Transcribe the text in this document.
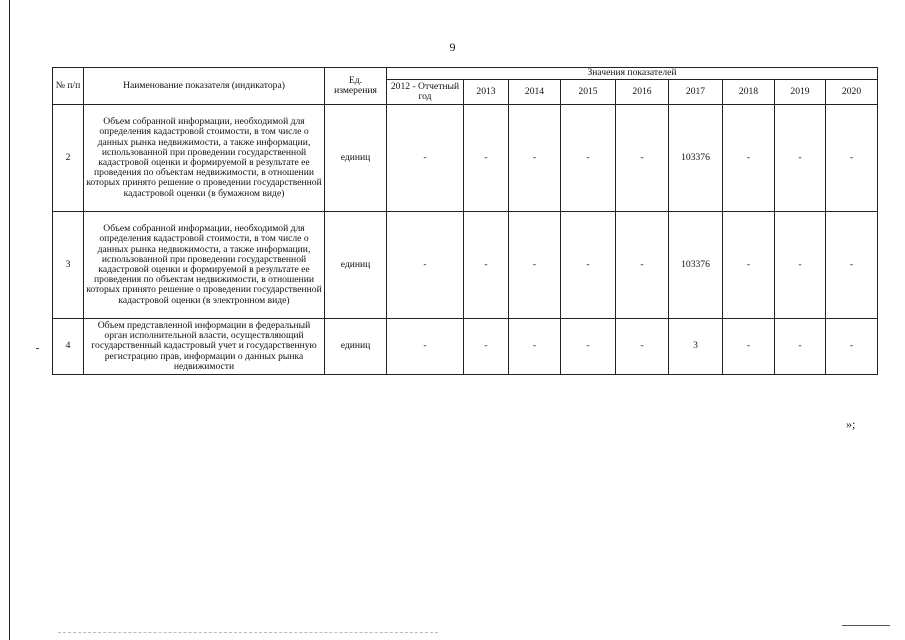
9
№ п/п	Наименование показателя (индикатора)	Ед. измерения	Значения показателей								
			2012 - Отчетный год	2013	2014	2015	2016	2017	2018	2019	2020
2	Объем собранной информации, необходимой для определения кадастровой стоимости, в том числе о данных рынка недвижимости, а также информации, использованной при проведении государственной кадастровой оценки и формируемой в результате ее проведения по объектам недвижимости, в отношении которых принято решение о проведении государственной кадастровой оценки (в бумажном виде)	единиц	-	-	-	-	-	103376	-	-	-
3	Объем собранной информации, необходимой для определения кадастровой стоимости, в том числе о данных рынка недвижимости, а также информации, использованной при проведении государственной кадастровой оценки и формируемой в результате ее проведения по объектам недвижимости, в отношении которых принято решение о проведении государственной кадастровой оценки (в электронном виде)	единиц	-	-	-	-	-	103376	-	-	-
4	Объем представленной информации в федеральный орган исполнительной власти, осуществляющий государственный кадастровый учет и государственную регистрацию прав, информации о данных рынка недвижимости	единиц	-	-	-	-	-	3	-	-	-
»;
